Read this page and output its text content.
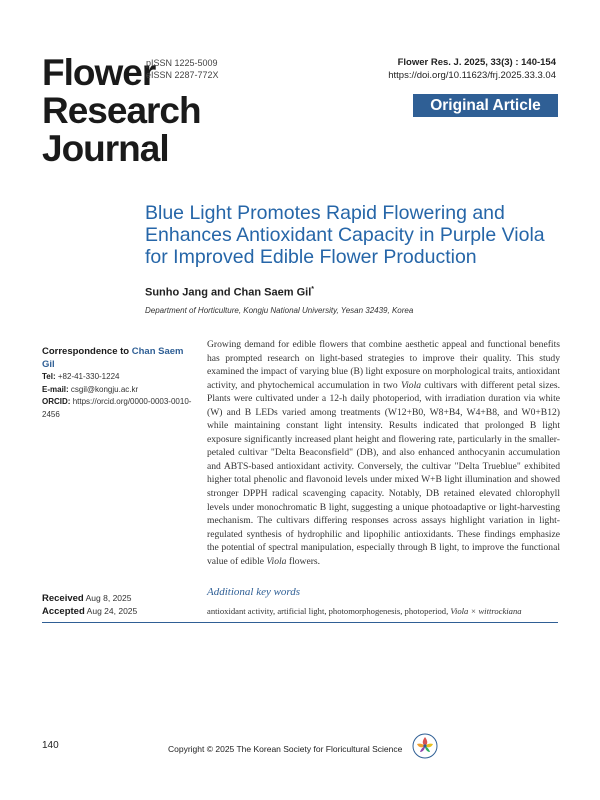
Flower
Research
Journal
pISSN 1225-5009
eISSN 2287-772X
Flower Res. J. 2025, 33(3) : 140-154
https://doi.org/10.11623/frj.2025.33.3.04
Original Article
Blue Light Promotes Rapid Flowering and Enhances Antioxidant Capacity in Purple Viola for Improved Edible Flower Production
Sunho Jang and Chan Saem Gil*
Department of Horticulture, Kongju National University, Yesan 32439, Korea
Correspondence to Chan Saem Gil
Tel: +82-41-330-1224
E-mail: csgil@kongju.ac.kr
ORCID: https://orcid.org/0000-0003-0010-2456
Growing demand for edible flowers that combine aesthetic appeal and functional benefits has prompted research on light-based strategies to improve their quality. This study examined the impact of varying blue (B) light exposure on morphological traits, antioxidant activity, and phytochemical accumulation in two Viola cultivars with different petal sizes. Plants were cultivated under a 12-h daily photoperiod, with irradiation duration via white (W) and B LEDs varied among treatments (W12+B0, W8+B4, W4+B8, and W0+B12) while maintaining constant light intensity. Results indicated that prolonged B light exposure significantly increased plant height and flowering rate, particularly in the smaller-petaled cultivar "Delta Beaconsfield" (DB), and also enhanced anthocyanin accumulation and ABTS-based antioxidant activity. Conversely, the cultivar "Delta Trueblue" exhibited higher total phenolic and flavonoid levels under mixed W+B light illumination and showed stronger DPPH radical scavenging capacity. Notably, DB retained elevated chlorophyll levels under monochromatic B light, suggesting a unique photoadaptive or light-harvesting mechanism. The cultivars differing responses across assays highlight variation in light-regulated synthesis of hydrophilic and lipophilic antioxidants. These findings emphasize the potential of spectral manipulation, especially through B light, to improve the functional value of edible Viola flowers.
Additional key words
antioxidant activity, artificial light, photomorphogenesis, photoperiod, Viola × wittrockiana
Received Aug 8, 2025
Accepted Aug 24, 2025
140	Copyright © 2025 The Korean Society for Floricultural Science
